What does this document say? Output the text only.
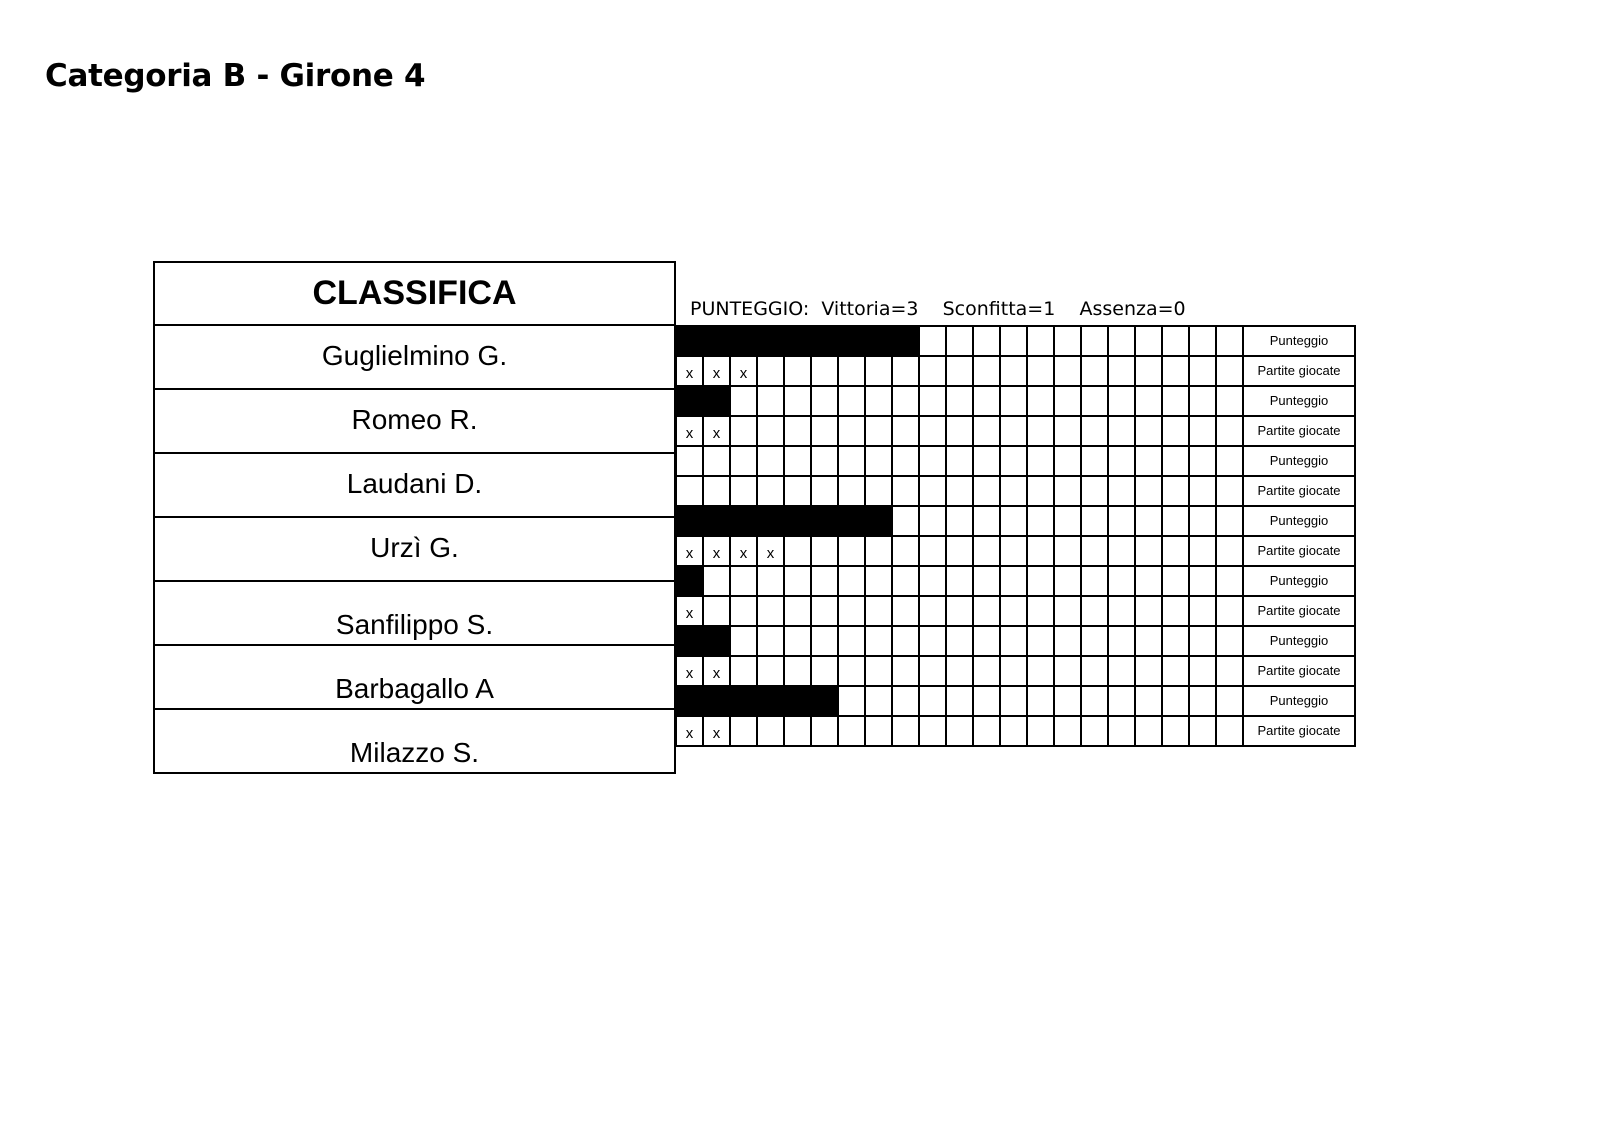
Categoria B - Girone 4
CLASSIFICA
Guglielmino G.
Romeo R.
Laudani D.
Urzì G.
Sanfilippo S.
Barbagallo A
Milazzo S.
PUNTEGGIO:  Vittoria=3    Sconfitta=1    Assenza=0
																					Punteggio
x	x	x																			Partite giocate
																					Punteggio
x	x																				Partite giocate
																					Punteggio
																					Partite giocate
																					Punteggio
x	x	x	x																		Partite giocate
																					Punteggio
x																					Partite giocate
																					Punteggio
x	x																				Partite giocate
																					Punteggio
x	x																				Partite giocate
